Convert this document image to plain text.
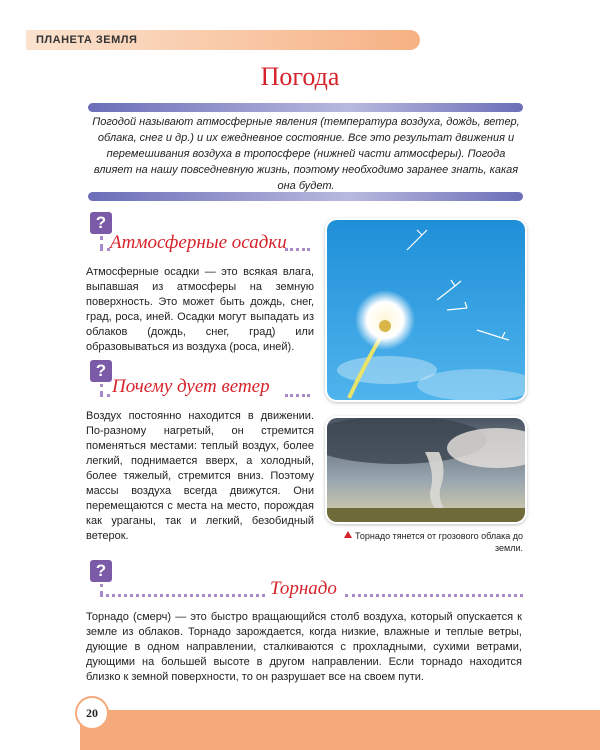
ПЛАНЕТА ЗЕМЛЯ
Погода
Погодой называют атмосферные явления (температура воздуха, дождь, ветер, облака, снег и др.) и их ежедневное состояние. Все это результат движения и перемешивания воздуха в тропосфере (нижней части атмосферы). Погода влияет на нашу повседневную жизнь, поэтому необходимо заранее знать, какая она будет.
?
Атмосферные осадки
Атмосферные осадки — это всякая влага, выпавшая из атмосферы на земную поверхность. Это может быть дождь, снег, град, роса, иней. Осадки могут выпадать из облаков (дождь, снег, град) или образовываться из воздуха (роса, иней).
?
Почему дует ветер
Воздух постоянно находится в движении. По-разному нагретый, он стремится поменяться местами: теплый воздух, более легкий, поднимается вверх, а холодный, более тяжелый, стремится вниз. Поэтому массы воздуха всегда движутся. Они перемещаются с места на место, порождая как ураганы, так и легкий, безобидный ветерок.
?
Торнадо
Торнадо (смерч) — это быстро вращающийся столб воздуха, который опускается к земле из облаков. Торнадо зарождается, когда низкие, влажные и теплые ветры, дующие в одном направлении, сталкиваются с прохладными, сухими ветрами, дующими на большей высоте в другом направлении. Если торнадо находится близко к земной поверхности, то он разрушает все на своем пути.
Торнадо тянется от грозового облака до земли.
20
